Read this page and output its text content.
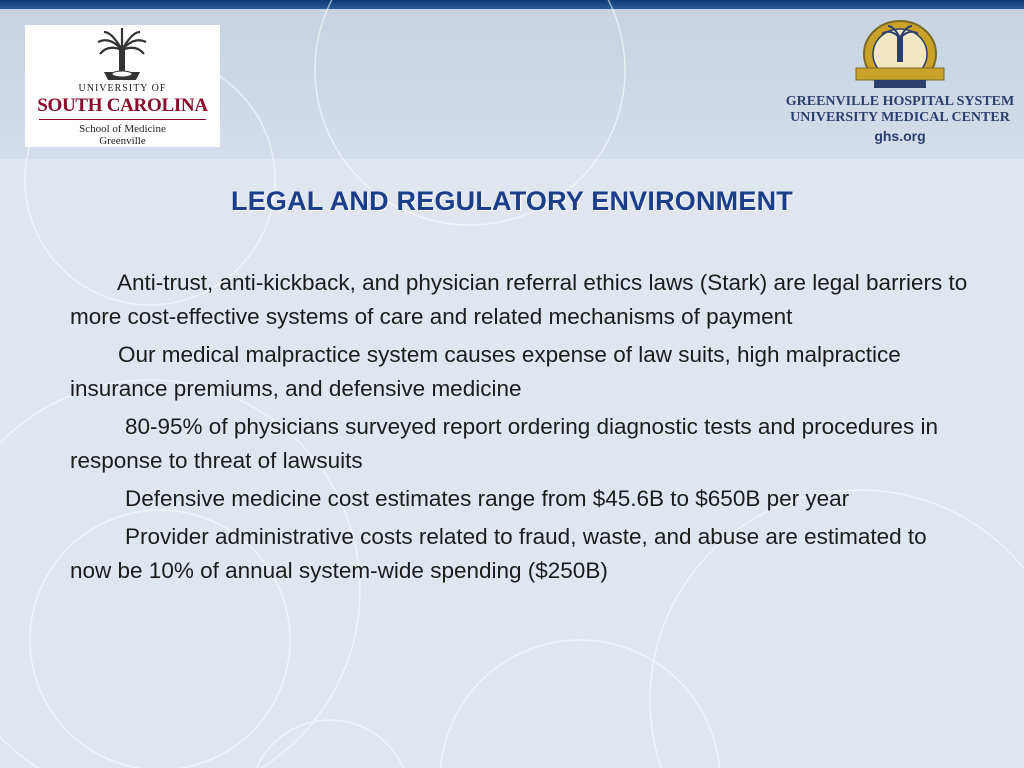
UNIVERSITY OF
SOUTH CAROLINA
School of Medicine
Greenville
GREENVILLE HOSPITAL SYSTEM
UNIVERSITY MEDICAL CENTER
ghs.org
LEGAL AND REGULATORY ENVIRONMENT
Anti-trust, anti-kickback, and physician referral ethics laws (Stark) are legal barriers to more cost-effective systems of care and related mechanisms of payment
Our medical malpractice system causes expense of law suits, high malpractice insurance premiums, and defensive medicine
80-95% of physicians surveyed report ordering diagnostic tests and procedures in response to threat of lawsuits
Defensive medicine cost estimates range from $45.6B to $650B per year
Provider administrative costs related to fraud, waste, and abuse are estimated to now be 10% of annual system-wide spending ($250B)
